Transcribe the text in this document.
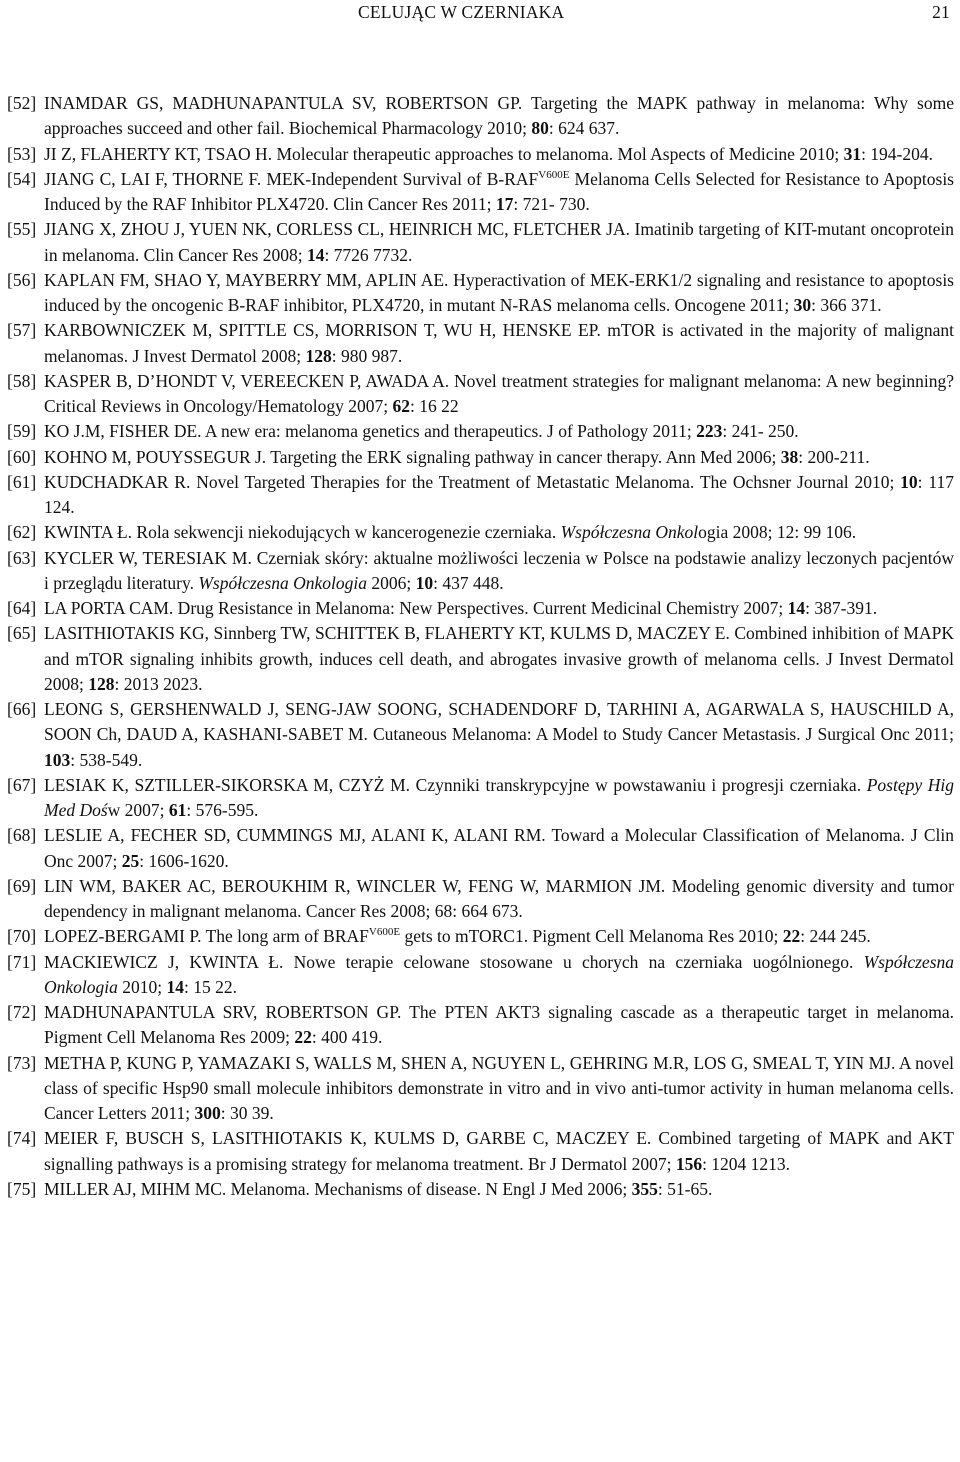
CELUJĄC W CZERNIAKA	21
[52] INAMDAR GS, MADHUNAPANTULA SV, ROBERTSON GP. Targeting the MAPK pathway in melanoma: Why some approaches succeed and other fail. Biochemical Pharmacology 2010; 80: 624 637.
[53] JI Z, FLAHERTY KT, TSAO H. Molecular therapeutic approaches to melanoma. Mol Aspects of Medicine 2010; 31: 194-204.
[54] JIANG C, LAI F, THORNE F. MEK-Independent Survival of $B-RAF^{V600E}$ Melanoma Cells Selected for Resistance to Apoptosis Induced by the RAF Inhibitor PLX4720. Clin Cancer Res 2011; 17: 721- 730.
[55] JIANG X, ZHOU J, YUEN NK, CORLESS CL, HEINRICH MC, FLETCHER JA. Imatinib targeting of KIT-mutant oncoprotein in melanoma. Clin Cancer Res 2008; 14: 7726 7732.
[56] KAPLAN FM, SHAO Y, MAYBERRY MM, APLIN AE. Hyperactivation of MEK-ERK1/2 signaling and resistance to apoptosis induced by the oncogenic B-RAF inhibitor, PLX4720, in mutant N-RAS melanoma cells. Oncogene 2011; 30: 366 371.
[57] KARBOWNICZEK M, SPITTLE CS, MORRISON T, WU H, HENSKE EP. mTOR is activated in the majority of malignant melanomas. J Invest Dermatol 2008; 128: 980 987.
[58] KASPER B, D’HONDT V, VEREECKEN P, AWADA A. Novel treatment strategies for malignant melanoma: A new beginning? Critical Reviews in Oncology/Hematology 2007; 62: 16 22
[59] KO J.M, FISHER DE. A new era: melanoma genetics and therapeutics. J of Pathology 2011; 223: 241- 250.
[60] KOHNO M, POUYSSEGUR J. Targeting the ERK signaling pathway in cancer therapy. Ann Med 2006; 38: 200-211.
[61] KUDCHADKAR R. Novel Targeted Therapies for the Treatment of Metastatic Melanoma. The Ochsner Journal 2010; 10: 117 124.
[62] KWINTA Ł. Rola sekwencji niekodujących w kancerogenezie czerniaka. Współczesna Onkologia 2008; 12: 99 106.
[63] KYCLER W, TERESIAK M. Czerniak skóry: aktualne możliwości leczenia w Polsce na podstawie analizy leczonych pacjentów i przeglądu literatury. Współczesna Onkologia 2006; 10: 437 448.
[64] LA PORTA CAM. Drug Resistance in Melanoma: New Perspectives. Current Medicinal Chemistry 2007; 14: 387-391.
[65] LASITHIOTAKIS KG, Sinnberg TW, SCHITTEK B, FLAHERTY KT, KULMS D, MACZEY E. Combined inhibition of MAPK and mTOR signaling inhibits growth, induces cell death, and abrogates invasive growth of melanoma cells. J Invest Dermatol 2008; 128: 2013 2023.
[66] LEONG S, GERSHENWALD J, SENG-JAW SOONG, SCHADENDORF D, TARHINI A, AGARWALA S, HAUSCHILD A, SOON Ch, DAUD A, KASHANI-SABET M. Cutaneous Melanoma: A Model to Study Cancer Metastasis. J Surgical Onc 2011; 103: 538-549.
[67] LESIAK K, SZTILLER-SIKORSKA M, CZYŻ M. Czynniki transkrypcyjne w powstawaniu i progresji czerniaka. Postępy Hig Med Dośw 2007; 61: 576-595.
[68] LESLIE A, FECHER SD, CUMMINGS MJ, ALANI K, ALANI RM. Toward a Molecular Classification of Melanoma. J Clin Onc 2007; 25: 1606-1620.
[69] LIN WM, BAKER AC, BEROUKHIM R, WINCLER W, FENG W, MARMION JM. Modeling genomic diversity and tumor dependency in malignant melanoma. Cancer Res 2008; 68: 664 673.
[70] LOPEZ-BERGAMI P. The long arm of $BRAF^{V600E}$ gets to mTORC1. Pigment Cell Melanoma Res 2010; 22: 244 245.
[71] MACKIEWICZ J, KWINTA Ł. Nowe terapie celowane stosowane u chorych na czerniaka uogólnionego. Współczesna Onkologia 2010; 14: 15 22.
[72] MADHUNAPANTULA SRV, ROBERTSON GP. The PTEN AKT3 signaling cascade as a therapeutic target in melanoma. Pigment Cell Melanoma Res 2009; 22: 400 419.
[73] METHA P, KUNG P, YAMAZAKI S, WALLS M, SHEN A, NGUYEN L, GEHRING M.R, LOS G, SMEAL T, YIN MJ. A novel class of specific Hsp90 small molecule inhibitors demonstrate in vitro and in vivo anti-tumor activity in human melanoma cells. Cancer Letters 2011; 300: 30 39.
[74] MEIER F, BUSCH S, LASITHIOTAKIS K, KULMS D, GARBE C, MACZEY E. Combined targeting of MAPK and AKT signalling pathways is a promising strategy for melanoma treatment. Br J Dermatol 2007; 156: 1204 1213.
[75] MILLER AJ, MIHM MC. Melanoma. Mechanisms of disease. N Engl J Med 2006; 355: 51-65.
